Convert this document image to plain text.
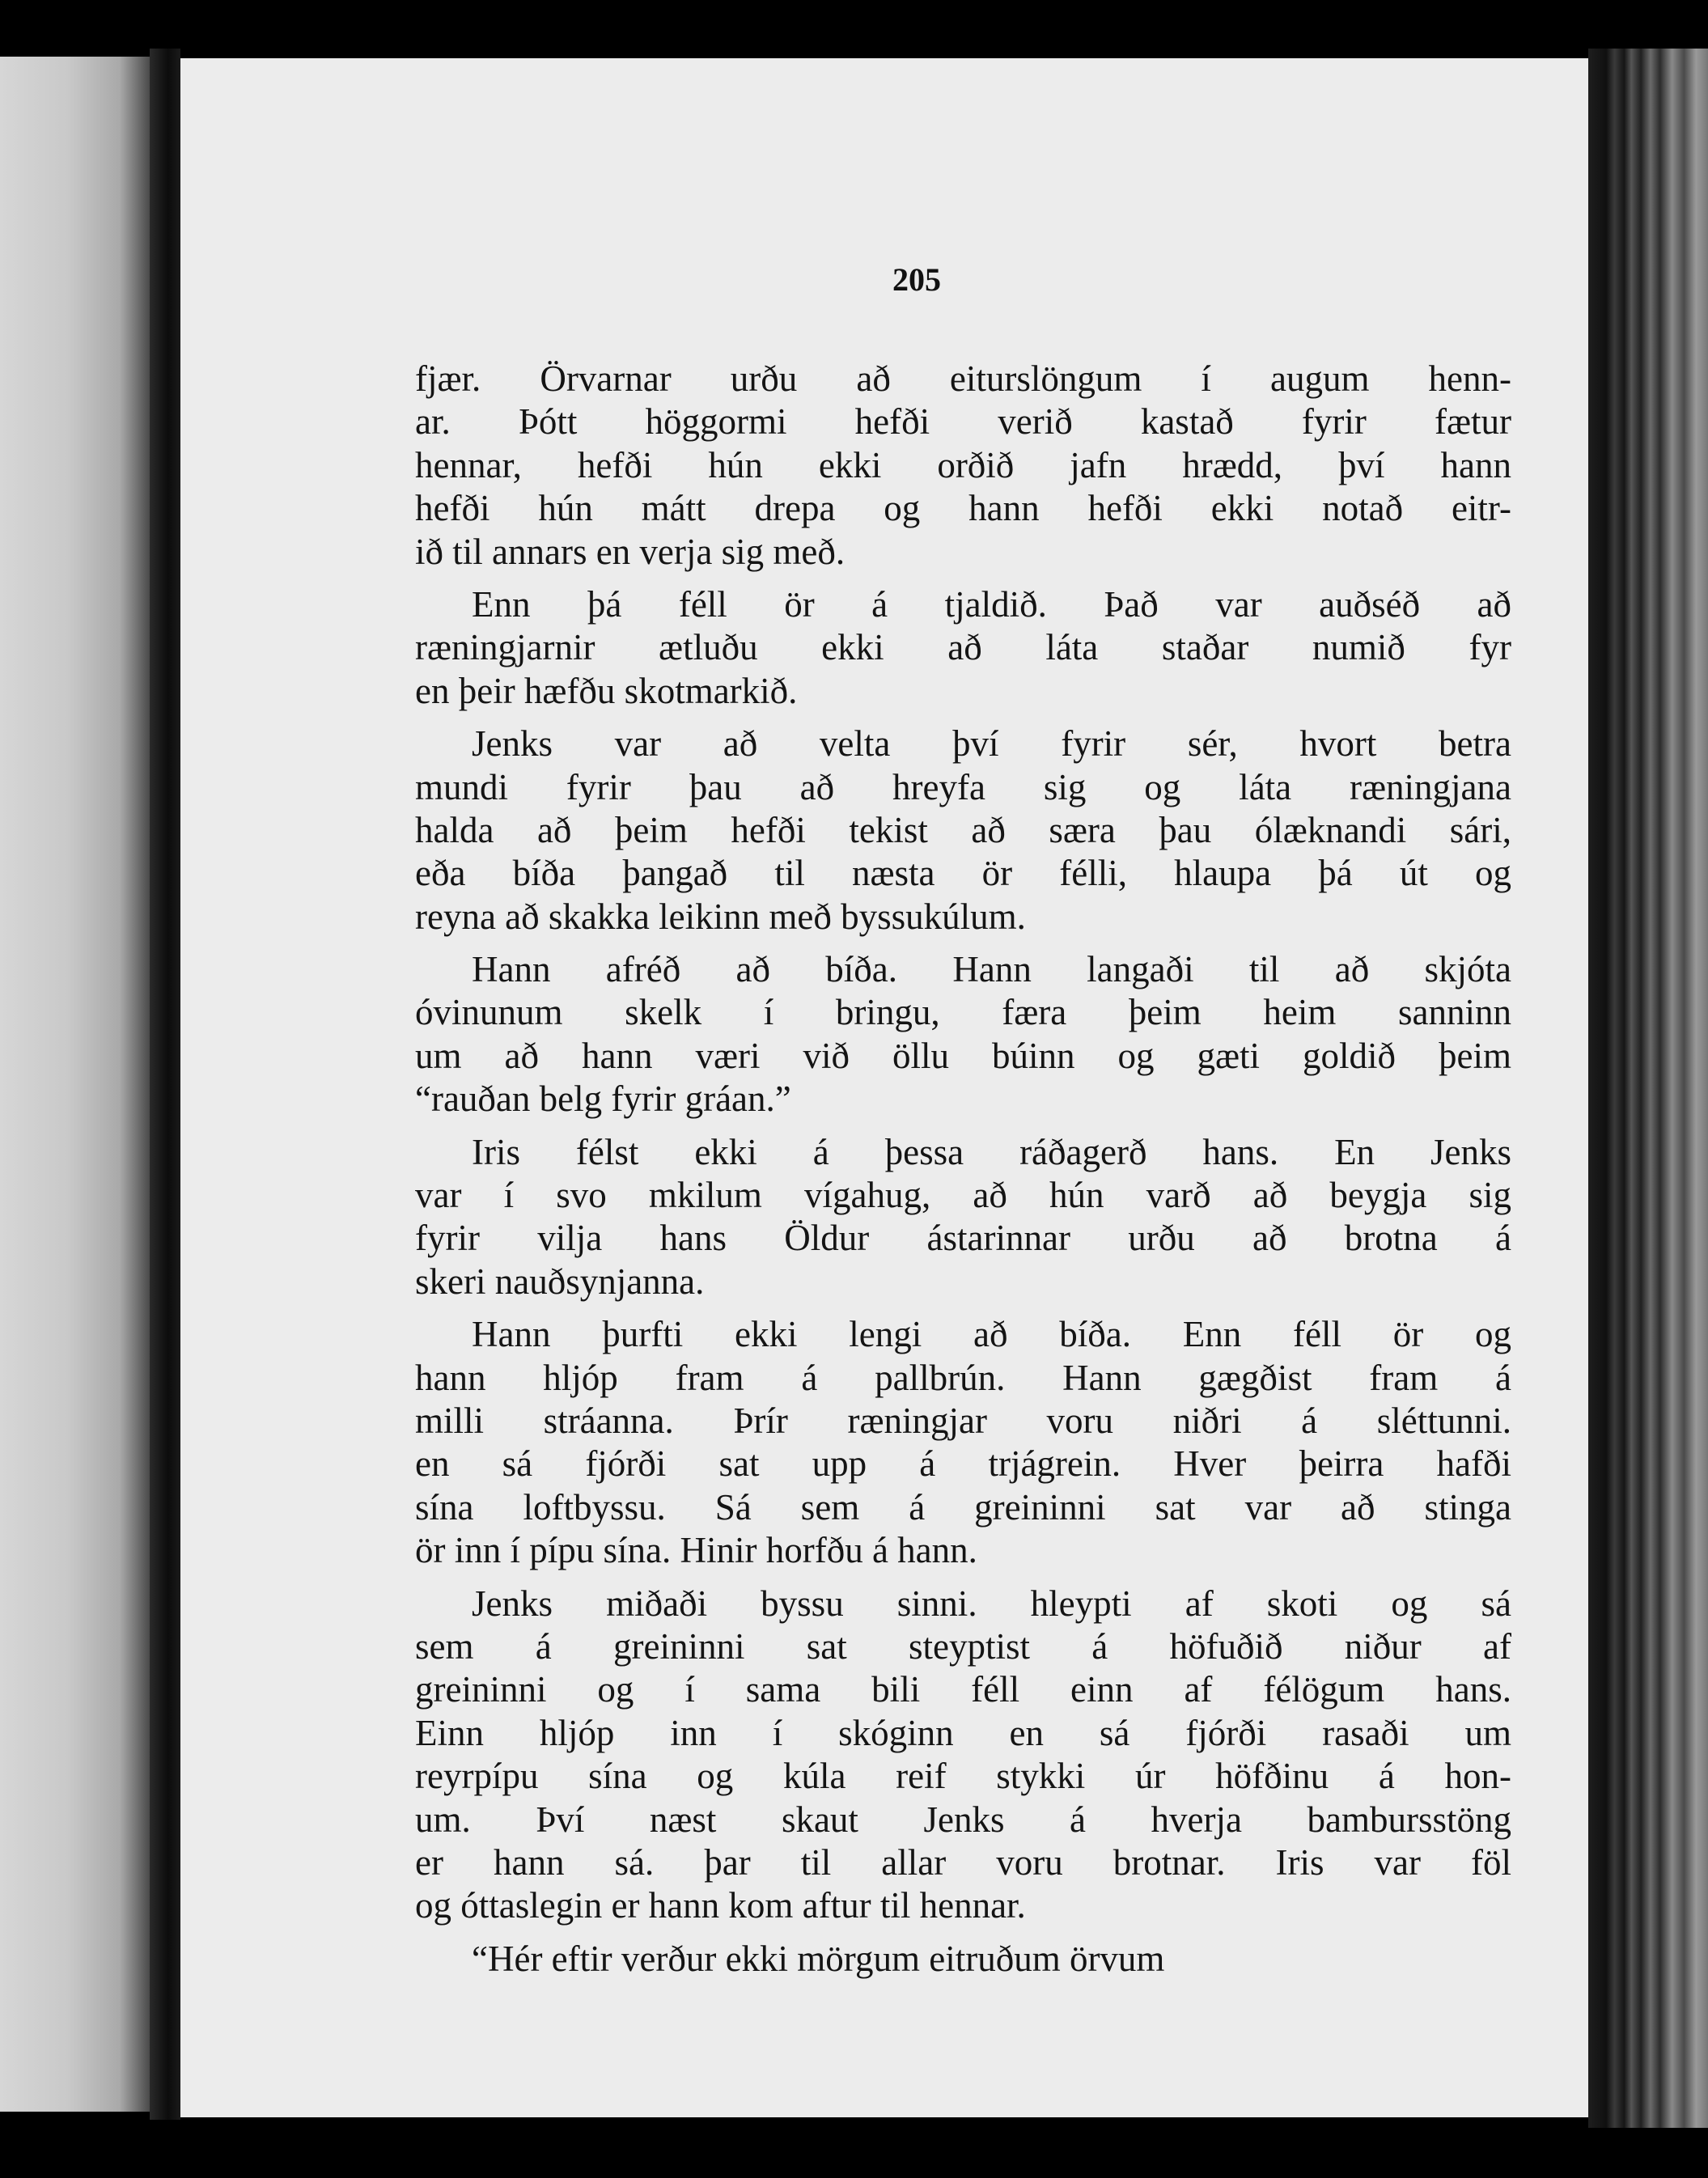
205
fjær. Örvarnar urðu að eiturslöngum í augum henn-
ar. Þótt höggormi hefði verið kastað fyrir fætur
hennar, hefði hún ekki orðið jafn hrædd, því hann
hefði hún mátt drepa og hann hefði ekki notað eitr-
ið til annars en verja sig með.
Enn þá féll ör á tjaldið. Það var auðséð að
ræningjarnir ætluðu ekki að láta staðar numið fyr
en þeir hæfðu skotmarkið.
Jenks var að velta því fyrir sér, hvort betra
mundi fyrir þau að hreyfa sig og láta ræningjana
halda að þeim hefði tekist að særa þau ólæknandi sári,
eða bíða þangað til næsta ör félli, hlaupa þá út og
reyna að skakka leikinn með byssukúlum.
Hann afréð að bíða. Hann langaði til að skjóta
óvinunum skelk í bringu, færa þeim heim sanninn
um að hann væri við öllu búinn og gæti goldið þeim
“rauðan belg fyrir gráan.”
Iris félst ekki á þessa ráðagerð hans. En Jenks
var í svo mkilum vígahug, að hún varð að beygja sig
fyrir vilja hans Öldur ástarinnar urðu að brotna á
skeri nauðsynjanna.
Hann þurfti ekki lengi að bíða. Enn féll ör og
hann hljóp fram á pallbrún. Hann gægðist fram á
milli stráanna. Þrír ræningjar voru niðri á sléttunni.
en sá fjórði sat upp á trjágrein. Hver þeirra hafði
sína loftbyssu. Sá sem á greininni sat var að stinga
ör inn í pípu sína. Hinir horfðu á hann.
Jenks miðaði byssu sinni. hleypti af skoti og sá
sem á greininni sat steyptist á höfuðið niður af
greininni og í sama bili féll einn af félögum hans.
Einn hljóp inn í skóginn en sá fjórði rasaði um
reyrpípu sína og kúla reif stykki úr höfðinu á hon-
um. Því næst skaut Jenks á hverja bambursstöng
er hann sá. þar til allar voru brotnar. Iris var föl
og óttaslegin er hann kom aftur til hennar.
“Hér eftir verður ekki mörgum eitruðum örvum
